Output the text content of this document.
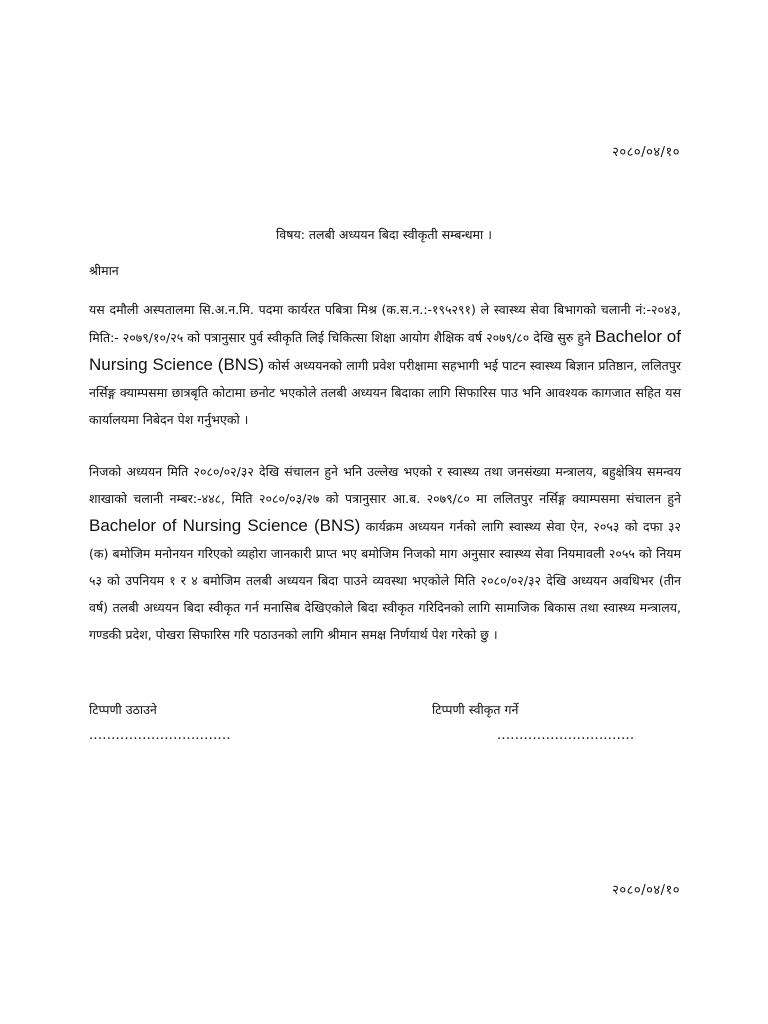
२०८०/०४/१०
विषय: तलबी अध्ययन बिदा स्वीकृती सम्बन्धमा ।
श्रीमान
यस दमौली अस्पतालमा सि.अ.न.मि. पदमा कार्यरत पबित्रा मिश्र (क.स.न.:-१९५२९१) ले स्वास्थ्य सेवा बिभागको चलानी नं:-२०४३, मिति:- २०७९/१०/२५ को पत्रानुसार पुर्व स्वीकृति लिई चिकित्सा शिक्षा आयोग शैक्षिक वर्ष २०७९/८० देखि सुरु हुने Bachelor of Nursing Science (BNS) कोर्स अध्ययनको लागी प्रवेश परीक्षामा सहभागी भई पाटन स्वास्थ्य बिज्ञान प्रतिष्ठान, ललितपुर नर्सिङ्ग क्याम्पसमा छात्रबृति कोटामा छनोट भएकोले तलबी अध्ययन बिदाका लागि सिफारिस पाउ भनि आवश्यक कागजात सहित यस कार्यालयमा निबेदन पेश गर्नुभएको ।
निजको अध्ययन मिति २०८०/०२/३२ देखि संचालन हुने भनि उल्लेख भएको र स्वास्थ्य तथा जनसंख्या मन्त्रालय, बहुक्षेत्रिय समन्वय शाखाको चलानी नम्बर:-४४८, मिति २०८०/०३/२७ को पत्रानुसार आ.ब. २०७९/८० मा ललितपुर नर्सिङ्ग क्याम्पसमा संचालन हुने Bachelor of Nursing Science (BNS) कार्यक्रम अध्ययन गर्नको लागि स्वास्थ्य सेवा ऐन, २०५३ को दफा ३२ (क) बमोजिम मनोनयन गरिएको व्यहोरा जानकारी प्राप्त भए बमोजिम निजको माग अनुसार स्वास्थ्य सेवा नियमावली २०५५ को नियम ५३ को उपनियम १ र ४ बमोजिम तलबी अध्ययन बिदा पाउने व्यवस्था भएकोले मिति २०८०/०२/३२ देखि अध्ययन अवधिभर (तीन वर्ष) तलबी अध्ययन बिदा स्वीकृत गर्न मनासिब देखिएकोले बिदा स्वीकृत गरिदिनको लागि सामाजिक बिकास तथा स्वास्थ्य मन्त्रालय, गण्डकी प्रदेश, पोखरा सिफारिस गरि पठाउनको लागि श्रीमान समक्ष निर्णयार्थ पेश गरेको छु ।
टिप्पणी उठाउने	टिप्पणी स्वीकृत गर्ने
................................	...............................
२०८०/०४/१०
